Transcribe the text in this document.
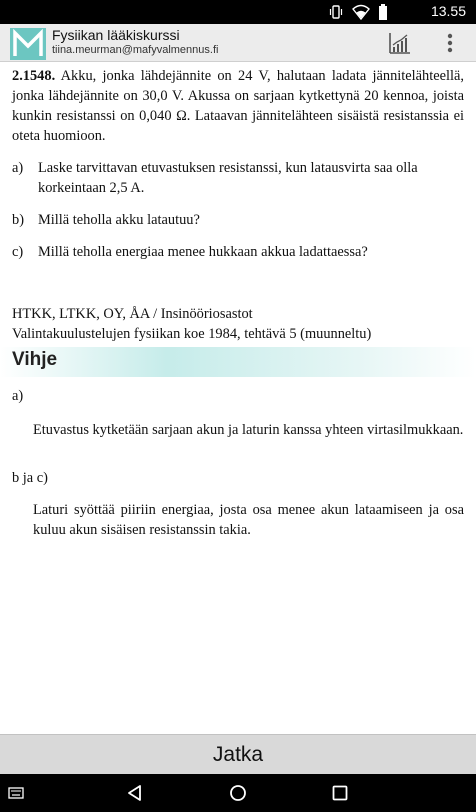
13.55
Fysiikan lääkiskurssi
tiina.meurman@mafyvalmennus.fi

2.1548. Akku, jonka lähdejännite on 24 V, halutaan ladata jännitelähteellä, jonka lähdejännite on 30,0 V. Akussa on sarjaan kytkettynä 20 kennoa, joista kunkin resistanssi on 0,040 Ω. Lataavan jännitelähteen sisäistä resistanssia ei oteta huomioon.

a) Laske tarvittavan etuvastuksen resistanssi, kun latausvirta saa olla korkeintaan 2,5 A.
b) Millä teholla akku latautuu?
c) Millä teholla energiaa menee hukkaan akkua ladattaessa?
HTKK, LTKK, OY, ÅA / Insinööriosastot
Valintakuulustelujen fysiikan koe 1984, tehtävä 5 (muunneltu)
Vihje
a)

Etuvastus kytketään sarjaan akun ja laturin kanssa yhteen virtasilmukkaan.

b ja c)

Laturi syöttää piiriin energiaa, josta osa menee akun lataamiseen ja osa kuluu akun sisäisen resistanssin takia.

Jatka
